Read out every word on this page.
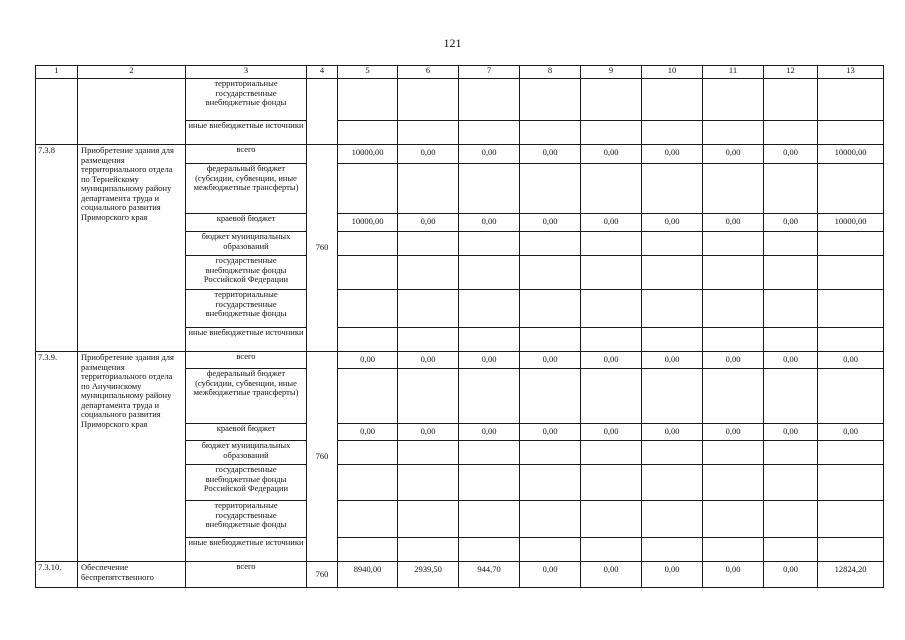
121
1	2	3	4	5	6	7	8	9	10	11	12	13
		территориальные государственные внебюджетные фонды										
		иные внебюджетные источники										
7.3.8	Приобретение здания для размещения территориального отдела по Тернейскому муниципальному району департамента труда и социального развития Приморского края	всего	760	10000,00	0,00	0,00	0,00	0,00	0,00	0,00	0,00	10000,00
		федеральный бюджет (субсидии, субвенции, иные межбюджетные трансферты)										
		краевой бюджет		10000,00	0,00	0,00	0,00	0,00	0,00	0,00	0,00	10000,00
		бюджет муниципальных образований										
		государственные внебюджетные фонды Российской Федерации										
		территориальные государственные внебюджетные фонды										
		иные внебюджетные источники										
7.3.9.	Приобретение здания для размещения территориального отдела по Анучинскому муниципальному району департамента труда и социального развития Приморского края	всего	760	0,00	0,00	0,00	0,00	0,00	0,00	0,00	0,00	0,00
		федеральный бюджет (субсидии, субвенции, иные межбюджетные трансферты)										
		краевой бюджет		0,00	0,00	0,00	0,00	0,00	0,00	0,00	0,00	0,00
		бюджет муниципальных образований										
		государственные внебюджетные фонды Российской Федерации										
		территориальные государственные внебюджетные фонды										
		иные внебюджетные источники										
7.3.10.	Обеспечение беспрепятственного	всего	760	8940,00	2939,50	944,70	0,00	0,00	0,00	0,00	0,00	12824,20
